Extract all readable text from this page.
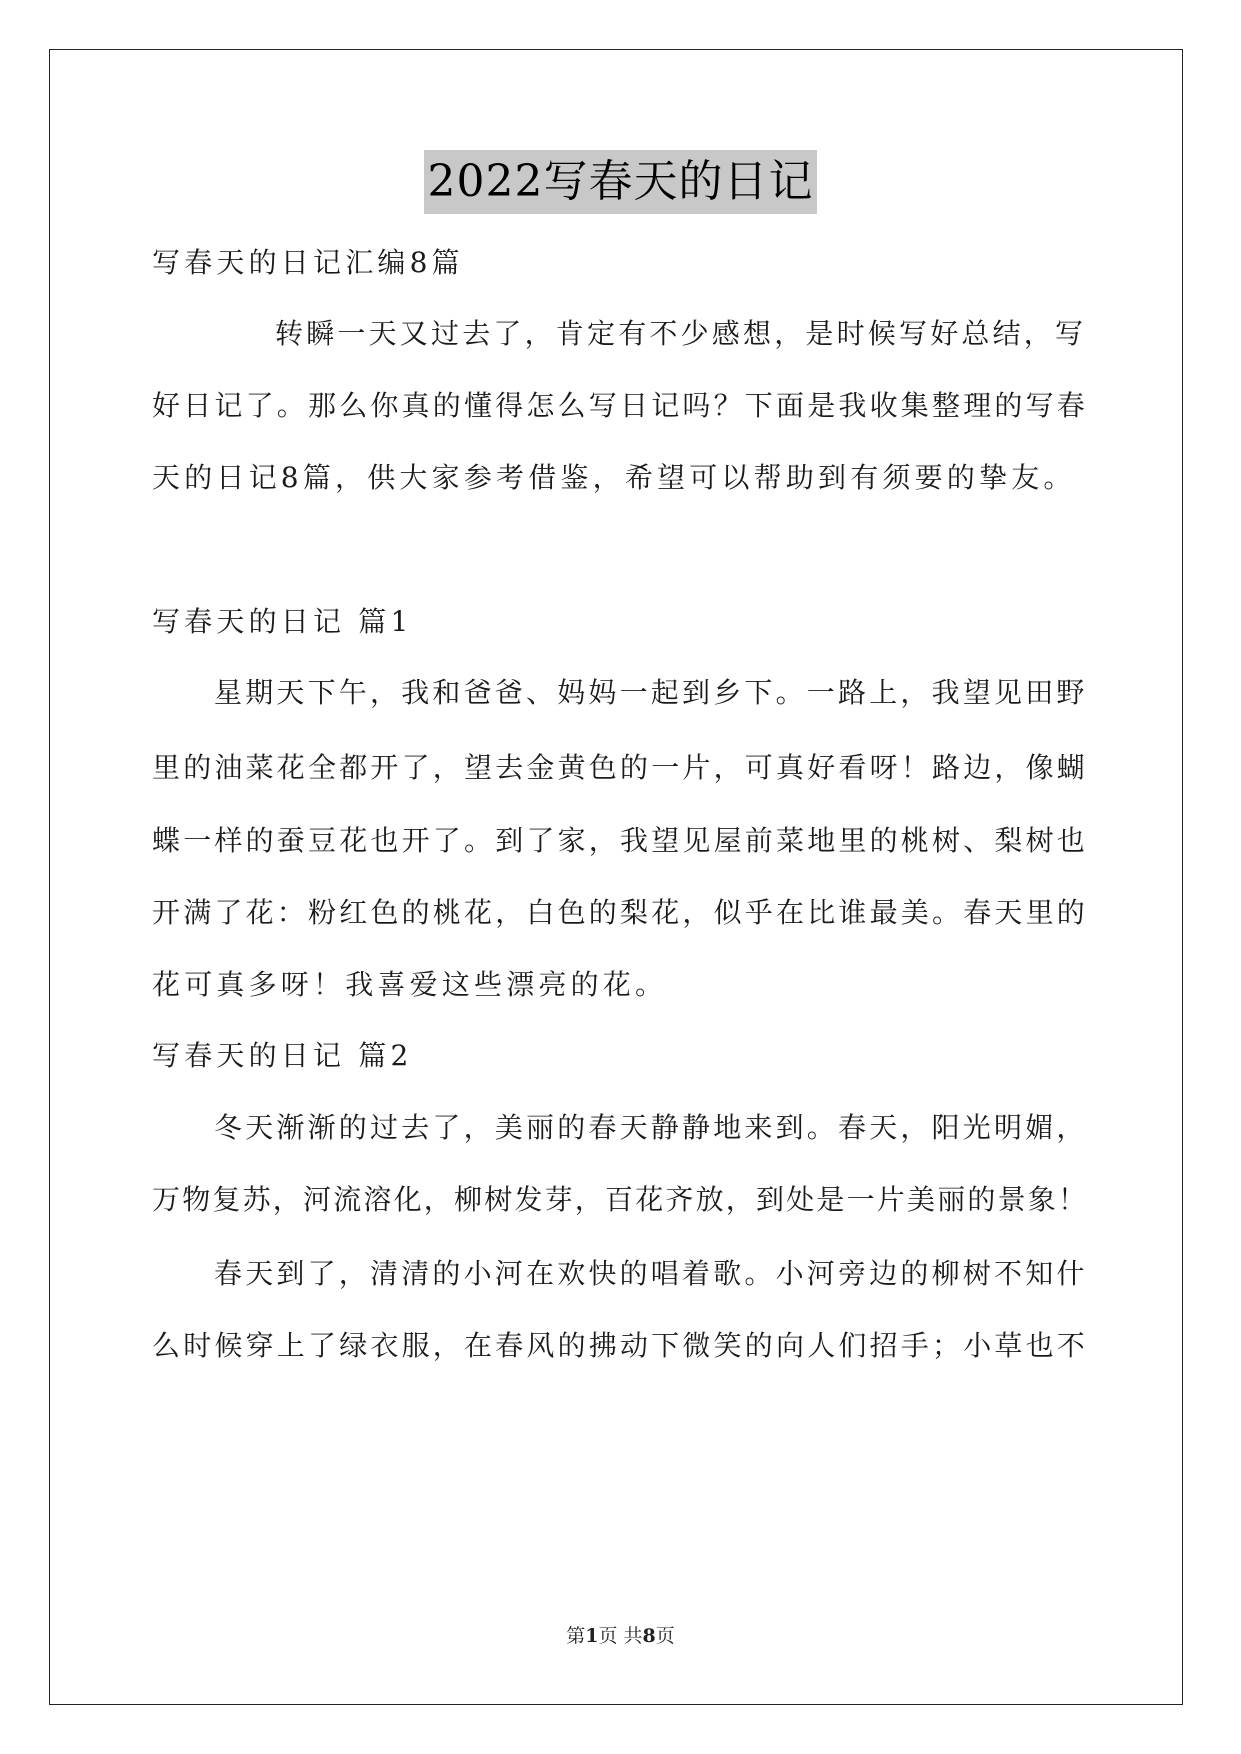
2022写春天的日记
写春天的日记汇编8篇
转瞬一天又过去了，肯定有不少感想，是时候写好总结，写
好日记了。那么你真的懂得怎么写日记吗？下面是我收集整理的写春
天的日记8篇，供大家参考借鉴，希望可以帮助到有须要的挚友。
写春天的日记 篇1
星期天下午，我和爸爸、妈妈一起到乡下。一路上，我望见田野
里的油菜花全都开了，望去金黄色的一片，可真好看呀！路边，像蝴
蝶一样的蚕豆花也开了。到了家，我望见屋前菜地里的桃树、梨树也
开满了花：粉红色的桃花，白色的梨花，似乎在比谁最美。春天里的
花可真多呀！我喜爱这些漂亮的花。
写春天的日记 篇2
冬天渐渐的过去了，美丽的春天静静地来到。春天，阳光明媚，
万物复苏，河流溶化，柳树发芽，百花齐放，到处是一片美丽的景象！
春天到了，清清的小河在欢快的唱着歌。小河旁边的柳树不知什
么时候穿上了绿衣服，在春风的拂动下微笑的向人们招手；小草也不
第1页 共8页
